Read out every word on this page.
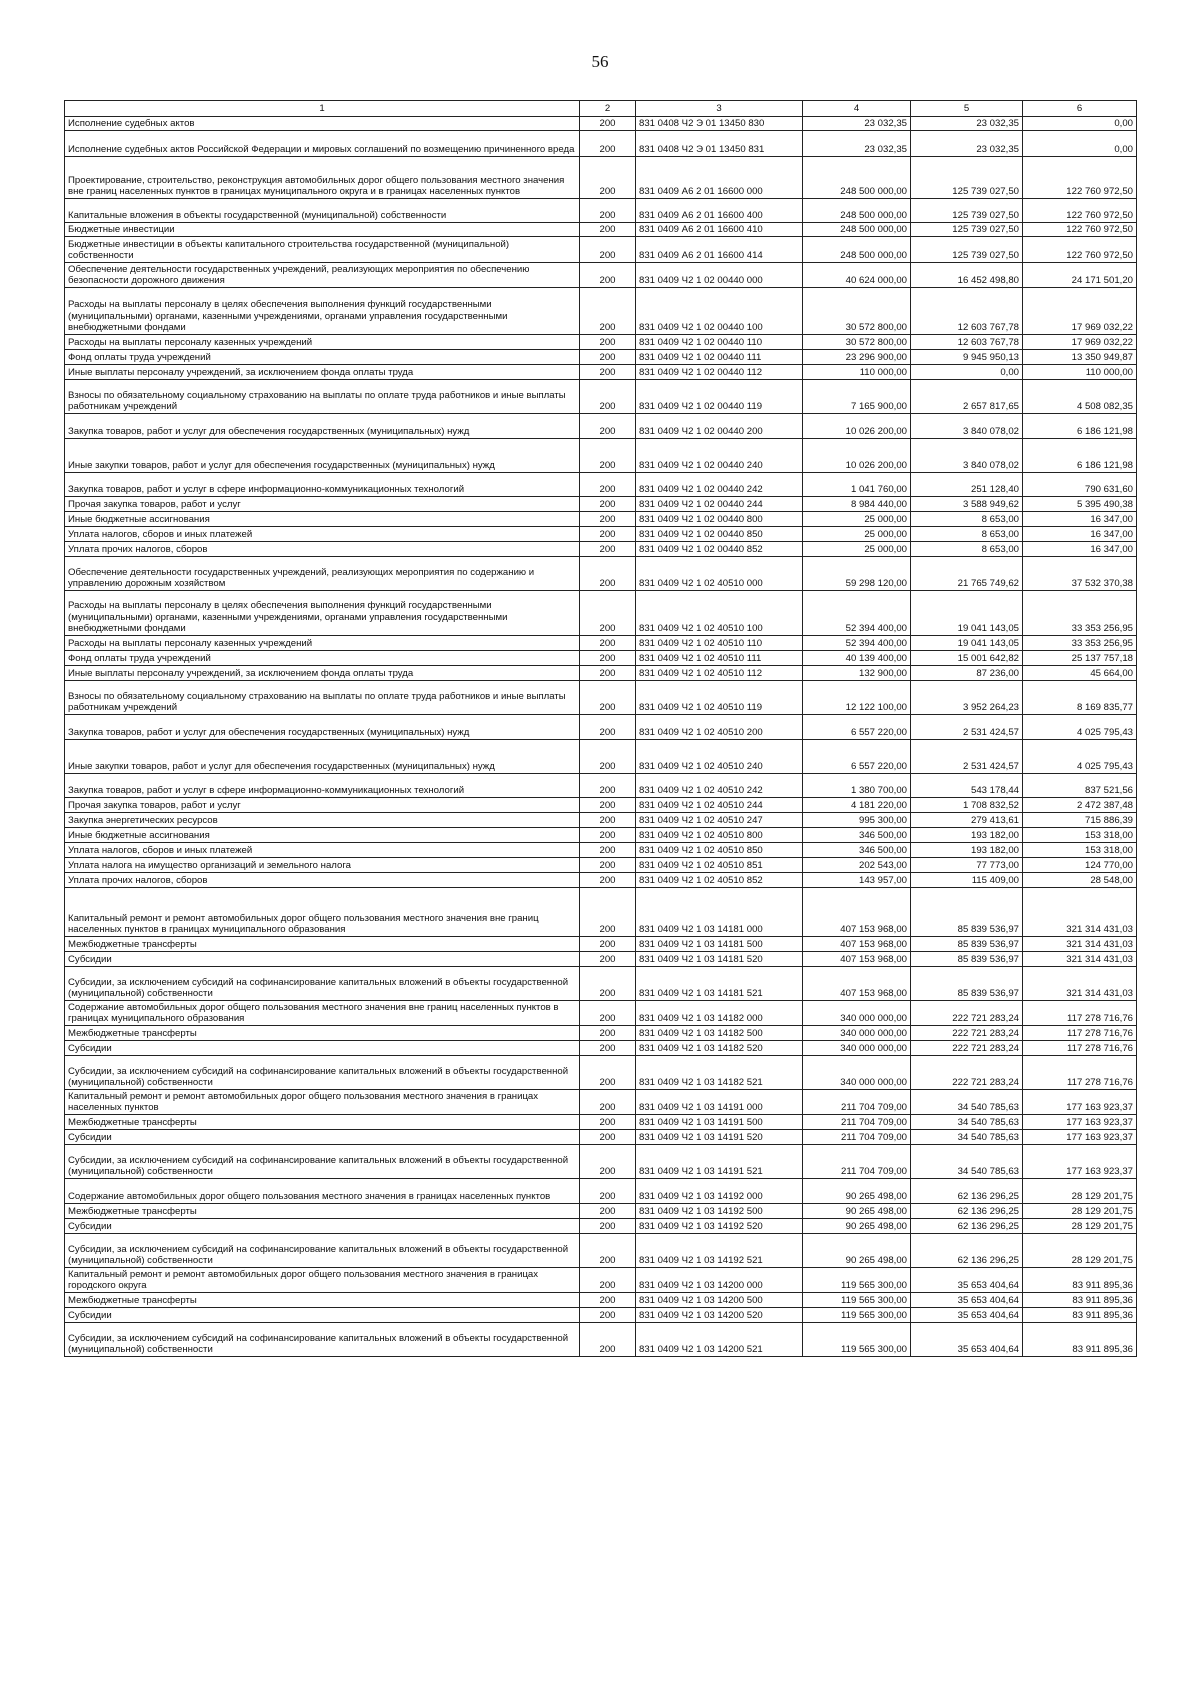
56
1	2	3	4	5	6
Исполнение судебных актов	200	831 0408 Ч2 Э 01 13450 830	23 032,35	23 032,35	0,00
Исполнение судебных актов Российской Федерации и мировых соглашений по возмещению причиненного вреда	200	831 0408 Ч2 Э 01 13450 831	23 032,35	23 032,35	0,00
Проектирование, строительство, реконструкция автомобильных дорог общего пользования местного значения вне границ населенных пунктов в границах муниципального округа и в границах населенных пунктов	200	831 0409 А6 2 01 16600 000	248 500 000,00	125 739 027,50	122 760 972,50
Капитальные вложения в объекты государственной (муниципальной) собственности	200	831 0409 А6 2 01 16600 400	248 500 000,00	125 739 027,50	122 760 972,50
Бюджетные инвестиции	200	831 0409 А6 2 01 16600 410	248 500 000,00	125 739 027,50	122 760 972,50
Бюджетные инвестиции в объекты капитального строительства государственной (муниципальной) собственности	200	831 0409 А6 2 01 16600 414	248 500 000,00	125 739 027,50	122 760 972,50
Обеспечение деятельности государственных учреждений, реализующих мероприятия по обеспечению безопасности дорожного движения	200	831 0409 Ч2 1 02 00440 000	40 624 000,00	16 452 498,80	24 171 501,20
Расходы на выплаты персоналу в целях обеспечения выполнения функций государственными (муниципальными) органами, казенными учреждениями, органами управления государственными внебюджетными фондами	200	831 0409 Ч2 1 02 00440 100	30 572 800,00	12 603 767,78	17 969 032,22
Расходы на выплаты персоналу казенных учреждений	200	831 0409 Ч2 1 02 00440 110	30 572 800,00	12 603 767,78	17 969 032,22
Фонд оплаты труда учреждений	200	831 0409 Ч2 1 02 00440 111	23 296 900,00	9 945 950,13	13 350 949,87
Иные выплаты персоналу учреждений, за исключением фонда оплаты труда	200	831 0409 Ч2 1 02 00440 112	110 000,00	0,00	110 000,00
Взносы по обязательному социальному страхованию на выплаты по оплате труда работников и иные выплаты работникам учреждений	200	831 0409 Ч2 1 02 00440 119	7 165 900,00	2 657 817,65	4 508 082,35
Закупка товаров, работ и услуг для обеспечения государственных (муниципальных) нужд	200	831 0409 Ч2 1 02 00440 200	10 026 200,00	3 840 078,02	6 186 121,98
Иные закупки товаров, работ и услуг для обеспечения государственных (муниципальных) нужд	200	831 0409 Ч2 1 02 00440 240	10 026 200,00	3 840 078,02	6 186 121,98
Закупка товаров, работ и услуг в сфере информационно-коммуникационных технологий	200	831 0409 Ч2 1 02 00440 242	1 041 760,00	251 128,40	790 631,60
Прочая закупка товаров, работ и услуг	200	831 0409 Ч2 1 02 00440 244	8 984 440,00	3 588 949,62	5 395 490,38
Иные бюджетные ассигнования	200	831 0409 Ч2 1 02 00440 800	25 000,00	8 653,00	16 347,00
Уплата налогов, сборов и иных платежей	200	831 0409 Ч2 1 02 00440 850	25 000,00	8 653,00	16 347,00
Уплата прочих налогов, сборов	200	831 0409 Ч2 1 02 00440 852	25 000,00	8 653,00	16 347,00
Обеспечение деятельности государственных учреждений, реализующих мероприятия по содержанию и управлению дорожным хозяйством	200	831 0409 Ч2 1 02 40510 000	59 298 120,00	21 765 749,62	37 532 370,38
Расходы на выплаты персоналу в целях обеспечения выполнения функций государственными (муниципальными) органами, казенными учреждениями, органами управления государственными внебюджетными фондами	200	831 0409 Ч2 1 02 40510 100	52 394 400,00	19 041 143,05	33 353 256,95
Расходы на выплаты персоналу казенных учреждений	200	831 0409 Ч2 1 02 40510 110	52 394 400,00	19 041 143,05	33 353 256,95
Фонд оплаты труда учреждений	200	831 0409 Ч2 1 02 40510 111	40 139 400,00	15 001 642,82	25 137 757,18
Иные выплаты персоналу учреждений, за исключением фонда оплаты труда	200	831 0409 Ч2 1 02 40510 112	132 900,00	87 236,00	45 664,00
Взносы по обязательному социальному страхованию на выплаты по оплате труда работников и иные выплаты работникам учреждений	200	831 0409 Ч2 1 02 40510 119	12 122 100,00	3 952 264,23	8 169 835,77
Закупка товаров, работ и услуг для обеспечения государственных (муниципальных) нужд	200	831 0409 Ч2 1 02 40510 200	6 557 220,00	2 531 424,57	4 025 795,43
Иные закупки товаров, работ и услуг для обеспечения государственных (муниципальных) нужд	200	831 0409 Ч2 1 02 40510 240	6 557 220,00	2 531 424,57	4 025 795,43
Закупка товаров, работ и услуг в сфере информационно-коммуникационных технологий	200	831 0409 Ч2 1 02 40510 242	1 380 700,00	543 178,44	837 521,56
Прочая закупка товаров, работ и услуг	200	831 0409 Ч2 1 02 40510 244	4 181 220,00	1 708 832,52	2 472 387,48
Закупка энергетических ресурсов	200	831 0409 Ч2 1 02 40510 247	995 300,00	279 413,61	715 886,39
Иные бюджетные ассигнования	200	831 0409 Ч2 1 02 40510 800	346 500,00	193 182,00	153 318,00
Уплата налогов, сборов и иных платежей	200	831 0409 Ч2 1 02 40510 850	346 500,00	193 182,00	153 318,00
Уплата налога на имущество организаций и земельного налога	200	831 0409 Ч2 1 02 40510 851	202 543,00	77 773,00	124 770,00
Уплата прочих налогов, сборов	200	831 0409 Ч2 1 02 40510 852	143 957,00	115 409,00	28 548,00
Капитальный ремонт и ремонт автомобильных дорог общего пользования местного значения вне границ населенных пунктов в границах муниципального образования	200	831 0409 Ч2 1 03 14181 000	407 153 968,00	85 839 536,97	321 314 431,03
Межбюджетные трансферты	200	831 0409 Ч2 1 03 14181 500	407 153 968,00	85 839 536,97	321 314 431,03
Субсидии	200	831 0409 Ч2 1 03 14181 520	407 153 968,00	85 839 536,97	321 314 431,03
Субсидии, за исключением субсидий на софинансирование капитальных вложений в объекты государственной (муниципальной) собственности	200	831 0409 Ч2 1 03 14181 521	407 153 968,00	85 839 536,97	321 314 431,03
Содержание автомобильных дорог общего пользования местного значения вне границ населенных пунктов в границах муниципального образования	200	831 0409 Ч2 1 03 14182 000	340 000 000,00	222 721 283,24	117 278 716,76
Межбюджетные трансферты	200	831 0409 Ч2 1 03 14182 500	340 000 000,00	222 721 283,24	117 278 716,76
Субсидии	200	831 0409 Ч2 1 03 14182 520	340 000 000,00	222 721 283,24	117 278 716,76
Субсидии, за исключением субсидий на софинансирование капитальных вложений в объекты государственной (муниципальной) собственности	200	831 0409 Ч2 1 03 14182 521	340 000 000,00	222 721 283,24	117 278 716,76
Капитальный ремонт и ремонт автомобильных дорог общего пользования местного значения в границах населенных пунктов	200	831 0409 Ч2 1 03 14191 000	211 704 709,00	34 540 785,63	177 163 923,37
Межбюджетные трансферты	200	831 0409 Ч2 1 03 14191 500	211 704 709,00	34 540 785,63	177 163 923,37
Субсидии	200	831 0409 Ч2 1 03 14191 520	211 704 709,00	34 540 785,63	177 163 923,37
Субсидии, за исключением субсидий на софинансирование капитальных вложений в объекты государственной (муниципальной) собственности	200	831 0409 Ч2 1 03 14191 521	211 704 709,00	34 540 785,63	177 163 923,37
Содержание автомобильных дорог общего пользования местного значения в границах населенных пунктов	200	831 0409 Ч2 1 03 14192 000	90 265 498,00	62 136 296,25	28 129 201,75
Межбюджетные трансферты	200	831 0409 Ч2 1 03 14192 500	90 265 498,00	62 136 296,25	28 129 201,75
Субсидии	200	831 0409 Ч2 1 03 14192 520	90 265 498,00	62 136 296,25	28 129 201,75
Субсидии, за исключением субсидий на софинансирование капитальных вложений в объекты государственной (муниципальной) собственности	200	831 0409 Ч2 1 03 14192 521	90 265 498,00	62 136 296,25	28 129 201,75
Капитальный ремонт и ремонт автомобильных дорог общего пользования местного значения в границах городского округа	200	831 0409 Ч2 1 03 14200 000	119 565 300,00	35 653 404,64	83 911 895,36
Межбюджетные трансферты	200	831 0409 Ч2 1 03 14200 500	119 565 300,00	35 653 404,64	83 911 895,36
Субсидии	200	831 0409 Ч2 1 03 14200 520	119 565 300,00	35 653 404,64	83 911 895,36
Субсидии, за исключением субсидий на софинансирование капитальных вложений в объекты государственной (муниципальной) собственности	200	831 0409 Ч2 1 03 14200 521	119 565 300,00	35 653 404,64	83 911 895,36
